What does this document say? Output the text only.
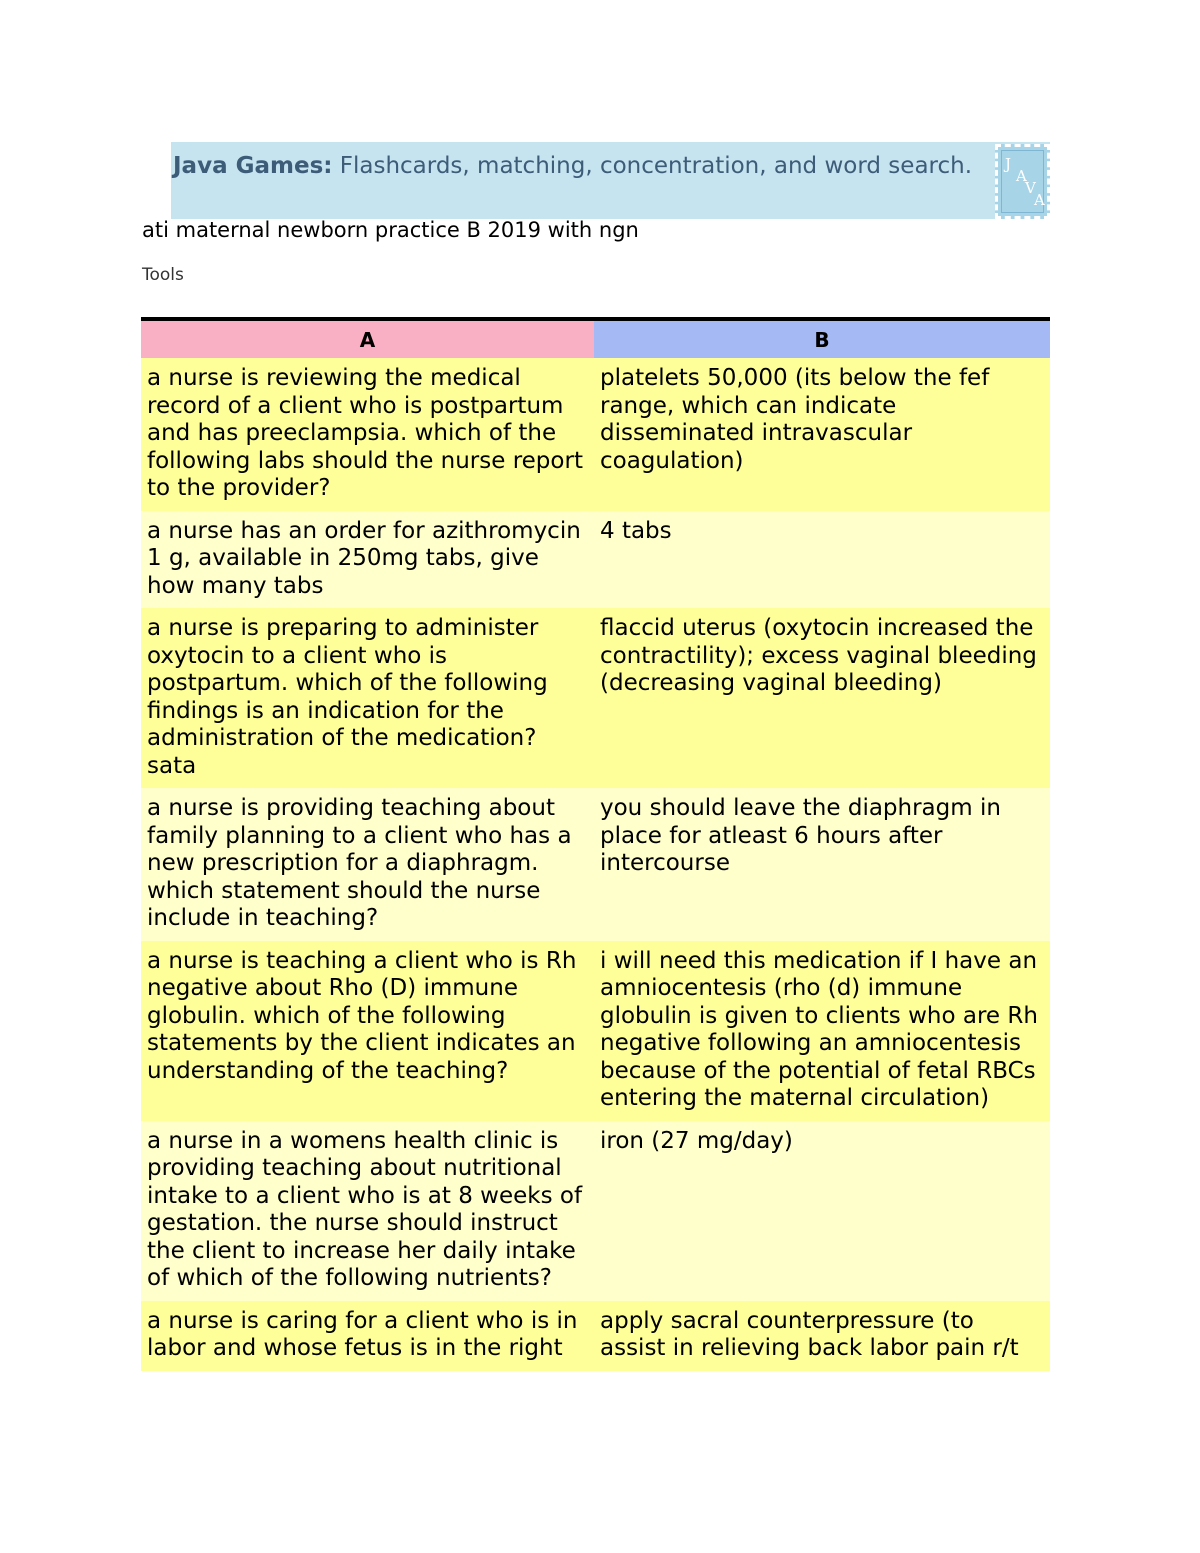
Java Games: Flashcards, matching, concentration, and word search. J
A
V
A
ati maternal newborn practice B 2019 with ngn
Tools
A	B
a nurse is reviewing the medical record of a client who is postpartum and has preeclampsia. which of the following labs should the nurse report to the provider?	platelets 50,000 (its below the fef range, which can indicate disseminated intravascular coagulation)
a nurse has an order for azithromycin 1 g, available in 250mg tabs, give how many tabs	4 tabs
a nurse is preparing to administer oxytocin to a client who is postpartum. which of the following findings is an indication for the administration of the medication? sata	flaccid uterus (oxytocin increased the contractility); excess vaginal bleeding (decreasing vaginal bleeding)
a nurse is providing teaching about family planning to a client who has a new prescription for a diaphragm. which statement should the nurse include in teaching?	you should leave the diaphragm in place for atleast 6 hours after intercourse
a nurse is teaching a client who is Rh negative about Rho (D) immune globulin. which of the following statements by the client indicates an understanding of the teaching?	i will need this medication if I have an amniocentesis (rho (d) immune globulin is given to clients who are Rh negative following an amniocentesis because of the potential of fetal RBCs entering the maternal circulation)
a nurse in a womens health clinic is providing teaching about nutritional intake to a client who is at 8 weeks of gestation. the nurse should instruct the client to increase her daily intake of which of the following nutrients?	iron (27 mg/day)
a nurse is caring for a client who is in labor and whose fetus is in the right	apply sacral counterpressure (to assist in relieving back labor pain r/t
